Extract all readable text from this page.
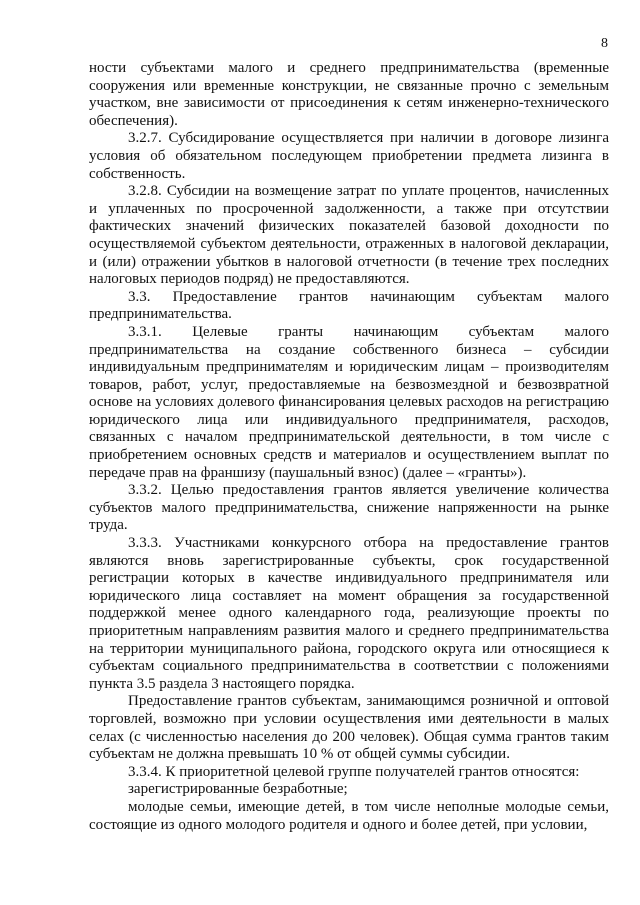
8

ности субъектами малого и среднего предпринимательства (временные сооружения или временные конструкции, не связанные прочно с земельным участком, вне зависимости от присоединения к сетям инженерно-технического обеспечения).

3.2.7. Субсидирование осуществляется при наличии в договоре лизинга условия об обязательном последующем приобретении предмета лизинга в собственность.

3.2.8. Субсидии на возмещение затрат по уплате процентов, начисленных и уплаченных по просроченной задолженности, а также при отсутствии фактических значений физических показателей базовой доходности по осуществляемой субъектом деятельности, отраженных в налоговой декларации, и (или) отражении убытков в налоговой отчетности (в течение трех последних налоговых периодов подряд) не предоставляются.

3.3. Предоставление грантов начинающим субъектам малого предпринимательства.

3.3.1. Целевые гранты начинающим субъектам малого предпринимательства на создание собственного бизнеса – субсидии индивидуальным предпринимателям и юридическим лицам – производителям товаров, работ, услуг, предоставляемые на безвозмездной и безвозвратной основе на условиях долевого финансирования целевых расходов на регистрацию юридического лица или индивидуального предпринимателя, расходов, связанных с началом предпринимательской деятельности, в том числе с приобретением основных средств и материалов и осуществлением выплат по передаче прав на франшизу (паушальный взнос) (далее – «гранты»).

3.3.2. Целью предоставления грантов является увеличение количества субъектов малого предпринимательства, снижение напряженности на рынке труда.

3.3.3. Участниками конкурсного отбора на предоставление грантов являются вновь зарегистрированные субъекты, срок государственной регистрации которых в качестве индивидуального предпринимателя или юридического лица составляет на момент обращения за государственной поддержкой менее одного календарного года, реализующие проекты по приоритетным направлениям развития малого и среднего предпринимательства на территории муниципального района, городского округа или относящиеся к субъектам социального предпринимательства в соответствии с положениями пункта 3.5 раздела 3 настоящего порядка.

Предоставление грантов субъектам, занимающимся розничной и оптовой торговлей, возможно при условии осуществления ими деятельности в малых селах (с численностью населения до 200 человек). Общая сумма грантов таким субъектам не должна превышать 10 % от общей суммы субсидии.

3.3.4. К приоритетной целевой группе получателей грантов относятся:

зарегистрированные безработные;

молодые семьи, имеющие детей, в том числе неполные молодые семьи, состоящие из одного молодого родителя и одного и более детей, при условии,
